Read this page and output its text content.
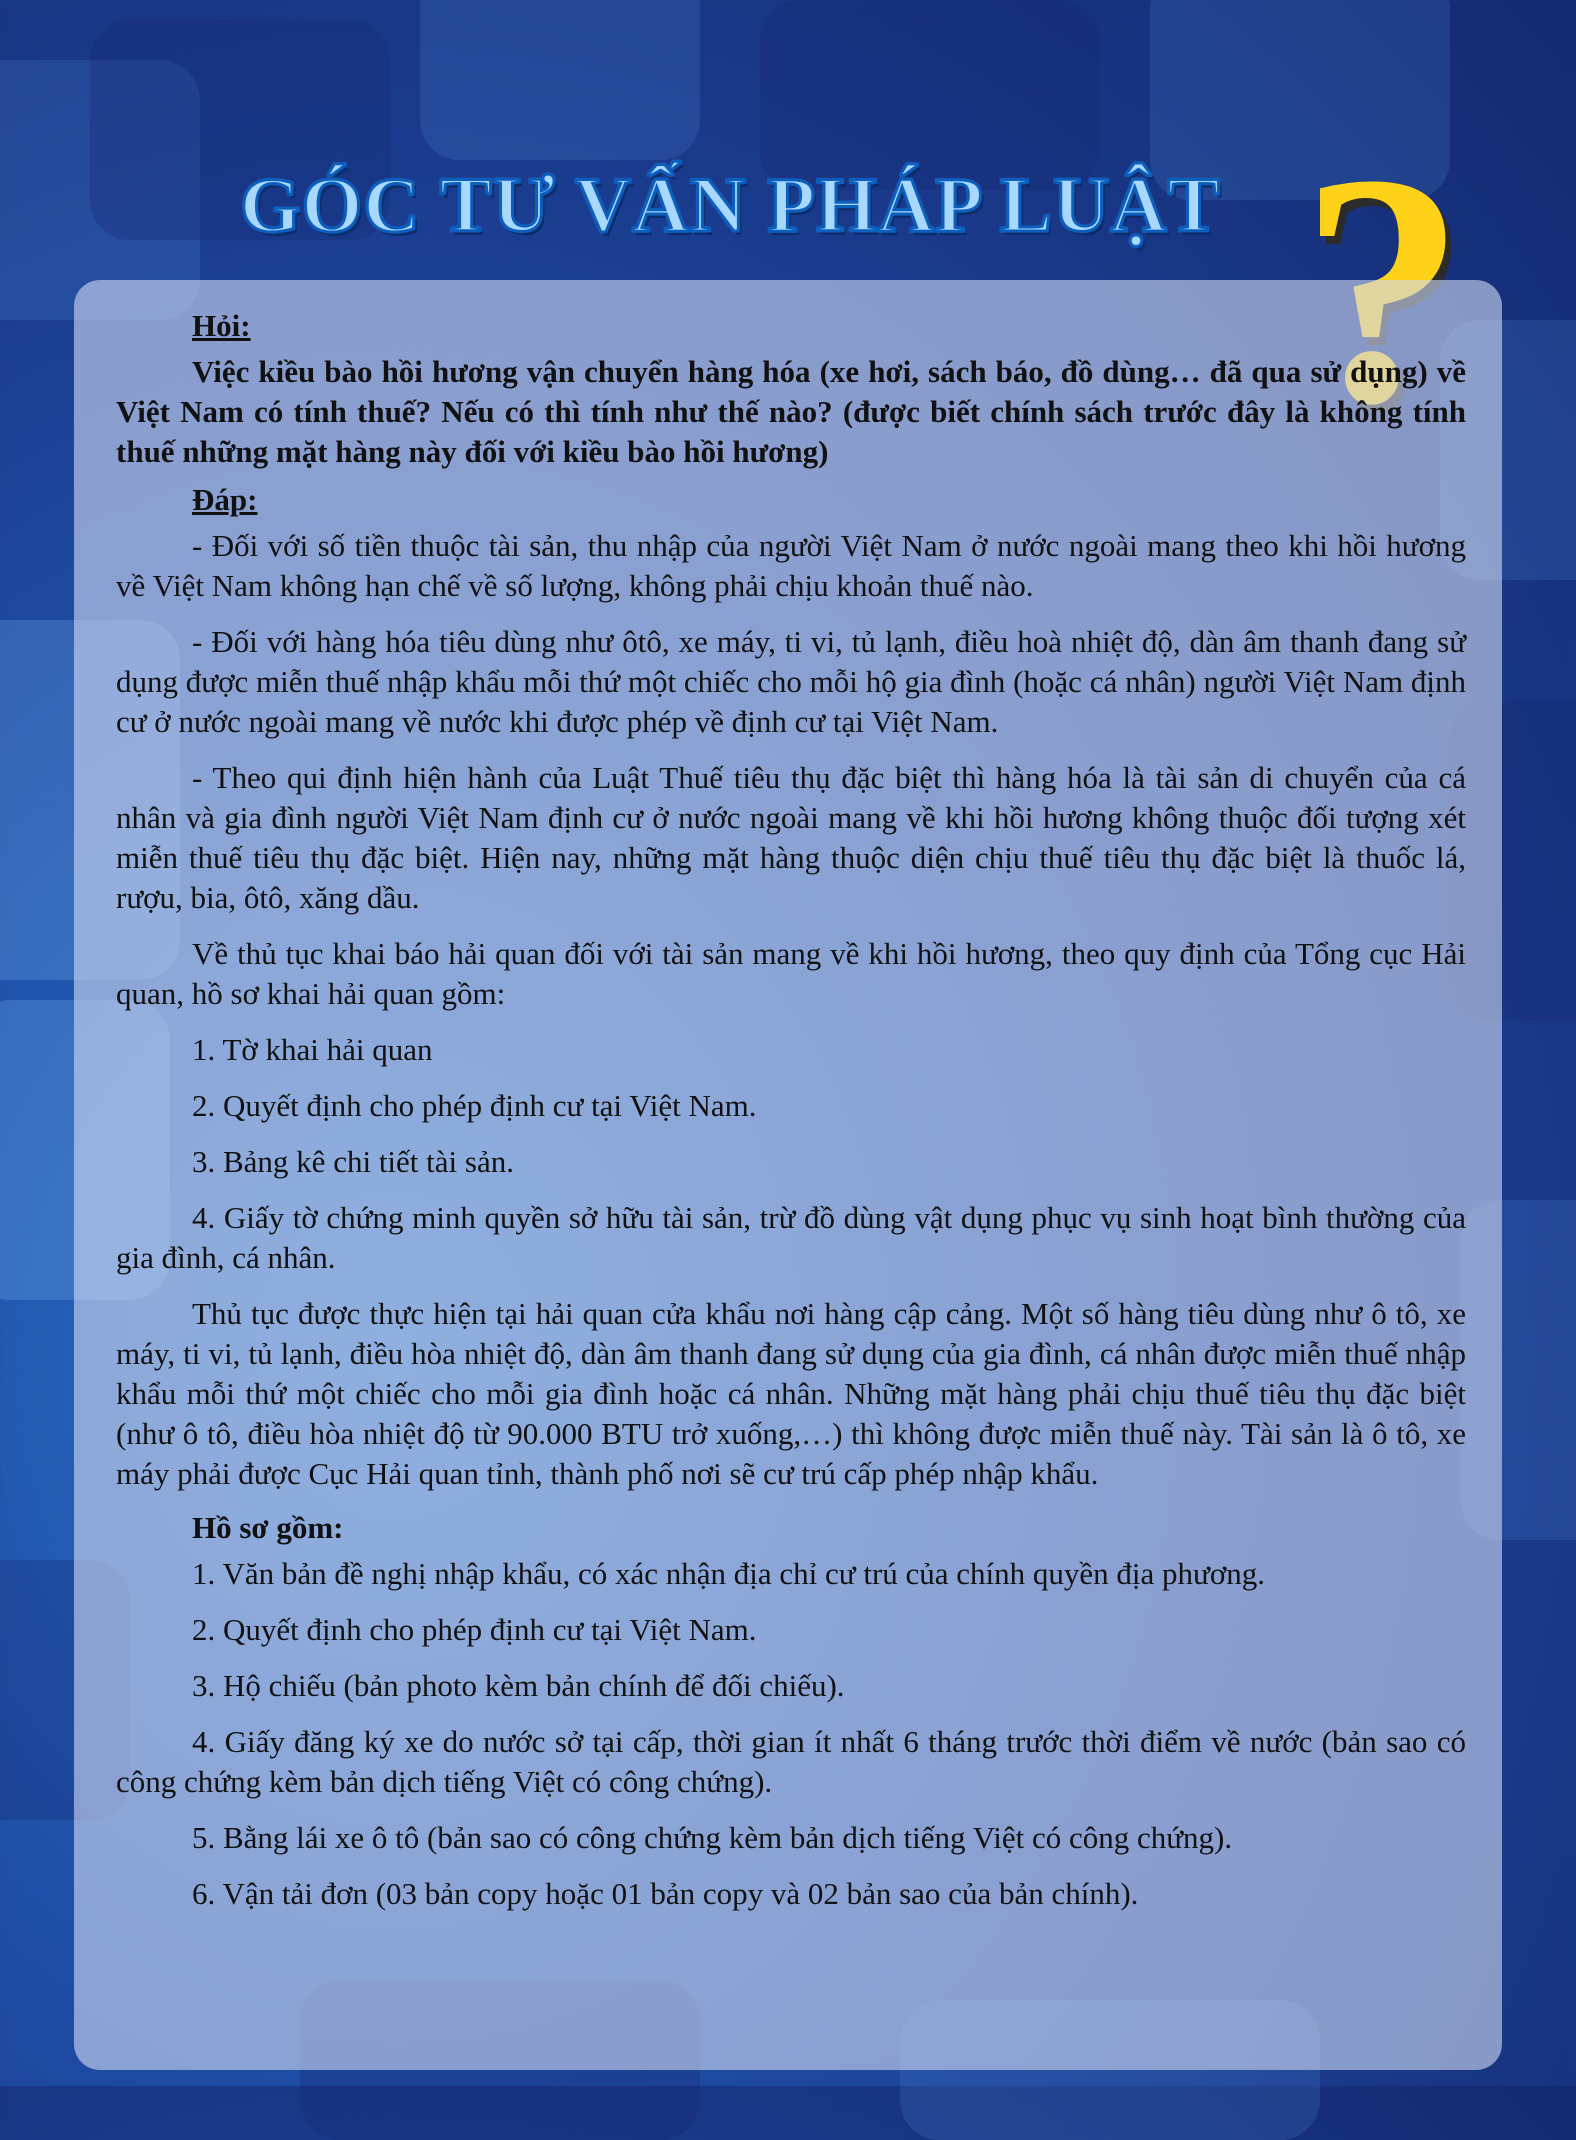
GÓC TƯ VẤN PHÁP LUẬT
Hỏi:

Việc kiều bào hồi hương vận chuyển hàng hóa (xe hơi, sách báo, đồ dùng… đã qua sử dụng) về Việt Nam có tính thuế? Nếu có thì tính như thế nào? (được biết chính sách trước đây là không tính thuế những mặt hàng này đối với kiều bào hồi hương)

Đáp:

- Đối với số tiền thuộc tài sản, thu nhập của người Việt Nam ở nước ngoài mang theo khi hồi hương về Việt Nam không hạn chế về số lượng, không phải chịu khoản thuế nào.

- Đối với hàng hóa tiêu dùng như ôtô, xe máy, ti vi, tủ lạnh, điều hoà nhiệt độ, dàn âm thanh đang sử dụng được miễn thuế nhập khẩu mỗi thứ một chiếc cho mỗi hộ gia đình (hoặc cá nhân) người Việt Nam định cư ở nước ngoài mang về nước khi được phép về định cư tại Việt Nam.

- Theo qui định hiện hành của Luật Thuế tiêu thụ đặc biệt thì hàng hóa là tài sản di chuyển của cá nhân và gia đình người Việt Nam định cư ở nước ngoài mang về khi hồi hương không thuộc đối tượng xét miễn thuế tiêu thụ đặc biệt. Hiện nay, những mặt hàng thuộc diện chịu thuế tiêu thụ đặc biệt là thuốc lá, rượu, bia, ôtô, xăng dầu.

Về thủ tục khai báo hải quan đối với tài sản mang về khi hồi hương, theo quy định của Tổng cục Hải quan, hồ sơ khai hải quan gồm:

1. Tờ khai hải quan

2. Quyết định cho phép định cư tại Việt Nam.

3. Bảng kê chi tiết tài sản.

4. Giấy tờ chứng minh quyền sở hữu tài sản, trừ đồ dùng vật dụng phục vụ sinh hoạt bình thường của gia đình, cá nhân.

Thủ tục được thực hiện tại hải quan cửa khẩu nơi hàng cập cảng. Một số hàng tiêu dùng như ô tô, xe máy, ti vi, tủ lạnh, điều hòa nhiệt độ, dàn âm thanh đang sử dụng của gia đình, cá nhân được miễn thuế nhập khẩu mỗi thứ một chiếc cho mỗi gia đình hoặc cá nhân. Những mặt hàng phải chịu thuế tiêu thụ đặc biệt (như ô tô, điều hòa nhiệt độ từ 90.000 BTU trở xuống,…) thì không được miễn thuế này. Tài sản là ô tô, xe máy phải được Cục Hải quan tỉnh, thành phố nơi sẽ cư trú cấp phép nhập khẩu.

Hồ sơ gồm:

1. Văn bản đề nghị nhập khẩu, có xác nhận địa chỉ cư trú của chính quyền địa phương.

2. Quyết định cho phép định cư tại Việt Nam.

3. Hộ chiếu (bản photo kèm bản chính để đối chiếu).

4. Giấy đăng ký xe do nước sở tại cấp, thời gian ít nhất 6 tháng trước thời điểm về nước (bản sao có công chứng kèm bản dịch tiếng Việt có công chứng).

5. Bằng lái xe ô tô (bản sao có công chứng kèm bản dịch tiếng Việt có công chứng).

6. Vận tải đơn (03 bản copy hoặc 01 bản copy và 02 bản sao của bản chính).
